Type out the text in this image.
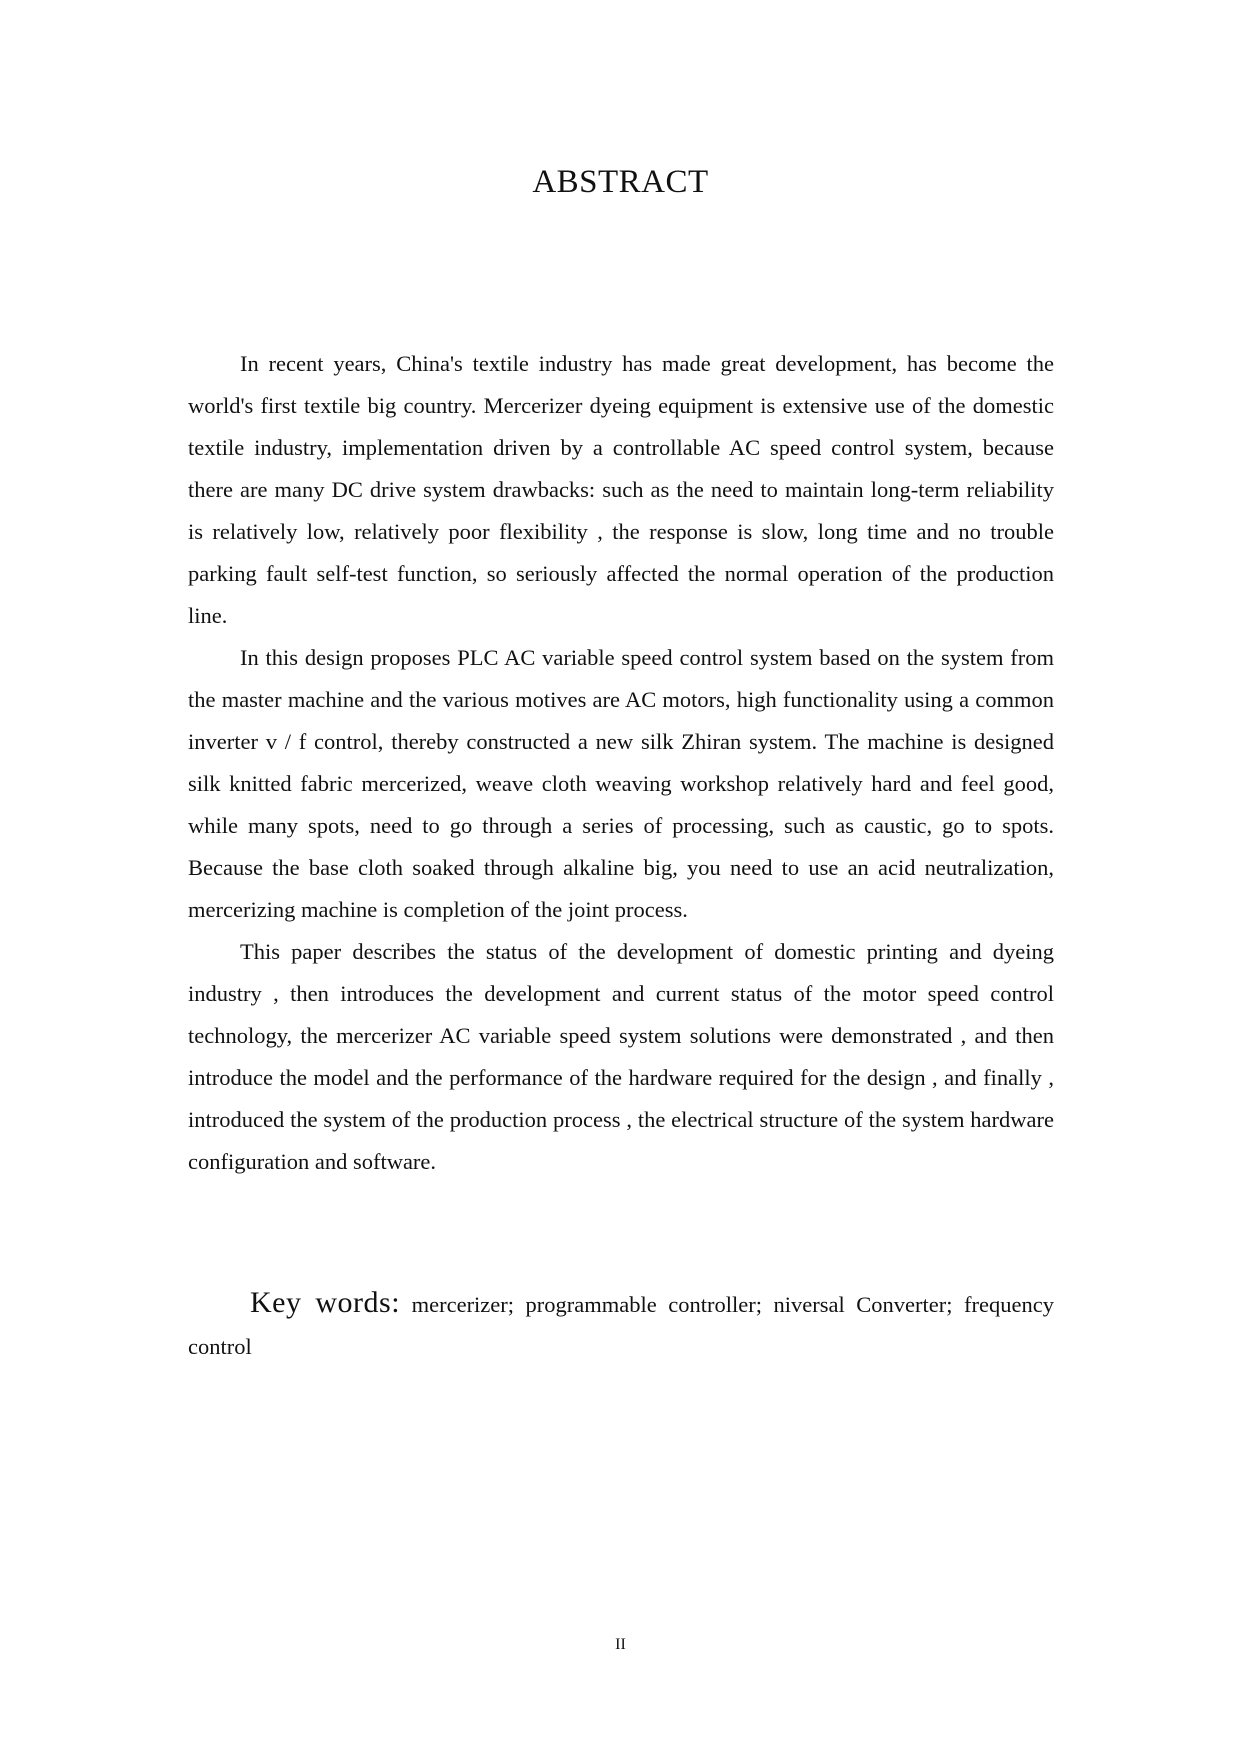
ABSTRACT

In recent years, China's textile industry has made great development, has become the world's first textile big country. Mercerizer dyeing equipment is extensive use of the domestic textile industry, implementation driven by a controllable AC speed control system, because there are many DC drive system drawbacks: such as the need to maintain long-term reliability is relatively low, relatively poor flexibility , the response is slow, long time and no trouble parking fault self-test function, so seriously affected the normal operation of the production line.

In this design proposes PLC AC variable speed control system based on the system from the master machine and the various motives are AC motors, high functionality using a common inverter v / f control, thereby constructed a new silk Zhiran system. The machine is designed silk knitted fabric mercerized, weave cloth weaving workshop relatively hard and feel good, while many spots, need to go through a series of processing, such as caustic, go to spots. Because the base cloth soaked through alkaline big, you need to use an acid neutralization, mercerizing machine is completion of the joint process.

This paper describes the status of the development of domestic printing and dyeing industry , then introduces the development and current status of the motor speed control technology, the mercerizer AC variable speed system solutions were demonstrated , and then introduce the model and the performance of the hardware required for the design , and finally , introduced the system of the production process , the electrical structure of the system hardware configuration and software.

Key words: mercerizer; programmable controller; niversal Converter; frequency control
II
